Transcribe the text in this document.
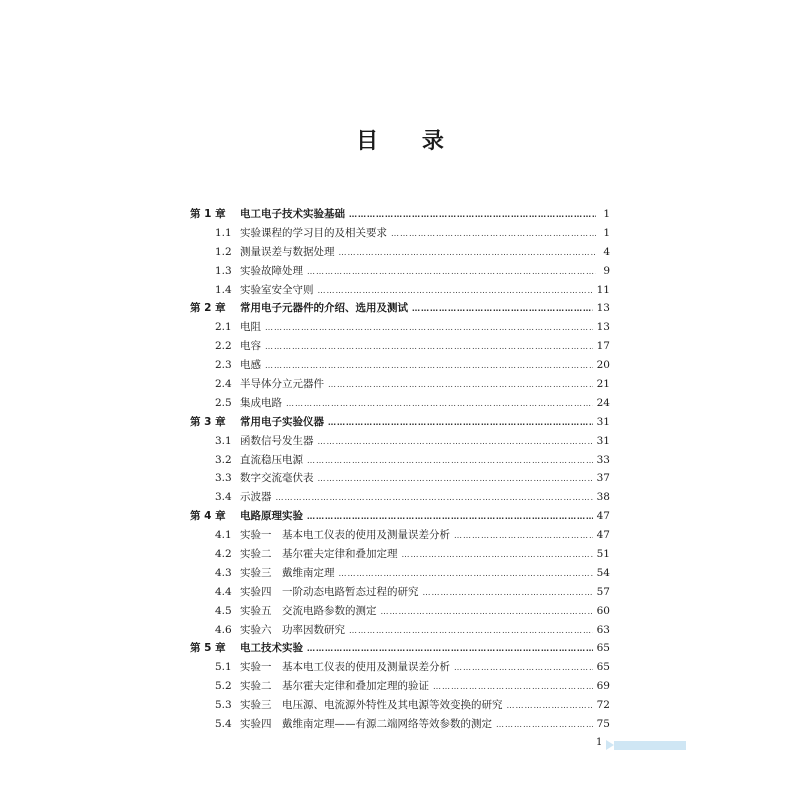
目 录
第 1 章	电工电子技术实验基础 ……………………………………………………………………………………………………………………………………………	1
1.1 实验课程的学习目的及相关要求 ……………………………………………………………………………………………………………………………………………	1
1.2 测量误差与数据处理 ……………………………………………………………………………………………………………………………………………	4
1.3 实验故障处理 ……………………………………………………………………………………………………………………………………………	9
1.4 实验室安全守则 ……………………………………………………………………………………………………………………………………………	11
第 2 章	常用电子元器件的介绍、选用及测试 ……………………………………………………………………………………………………………………………………………	13
2.1 电阻 ……………………………………………………………………………………………………………………………………………	13
2.2 电容 ……………………………………………………………………………………………………………………………………………	17
2.3 电感 ……………………………………………………………………………………………………………………………………………	20
2.4 半导体分立元器件 ……………………………………………………………………………………………………………………………………………	21
2.5 集成电路 ……………………………………………………………………………………………………………………………………………	24
第 3 章	常用电子实验仪器 ……………………………………………………………………………………………………………………………………………	31
3.1 函数信号发生器 ……………………………………………………………………………………………………………………………………………	31
3.2 直流稳压电源 ……………………………………………………………………………………………………………………………………………	33
3.3 数字交流毫伏表 ……………………………………………………………………………………………………………………………………………	37
3.4 示波器 ……………………………………………………………………………………………………………………………………………	38
第 4 章	电路原理实验 ……………………………………………………………………………………………………………………………………………	47
4.1 实验一　基本电工仪表的使用及测量误差分析 ……………………………………………………………………………………………………………………………………………	47
4.2 实验二　基尔霍夫定律和叠加定理 ……………………………………………………………………………………………………………………………………………	51
4.3 实验三　戴维南定理 ……………………………………………………………………………………………………………………………………………	54
4.4 实验四　一阶动态电路暂态过程的研究 ……………………………………………………………………………………………………………………………………………	57
4.5 实验五　交流电路参数的测定 ……………………………………………………………………………………………………………………………………………	60
4.6 实验六　功率因数研究 ……………………………………………………………………………………………………………………………………………	63
第 5 章	电工技术实验 ……………………………………………………………………………………………………………………………………………	65
5.1 实验一　基本电工仪表的使用及测量误差分析 ……………………………………………………………………………………………………………………………………………	65
5.2 实验二　基尔霍夫定律和叠加定理的验证 ……………………………………………………………………………………………………………………………………………	69
5.3 实验三　电压源、电流源外特性及其电源等效变换的研究 ……………………………………………………………………………………………………………………………………………	72
5.4 实验四　戴维南定理——有源二端网络等效参数的测定 ……………………………………………………………………………………………………………………………………………	75
1
